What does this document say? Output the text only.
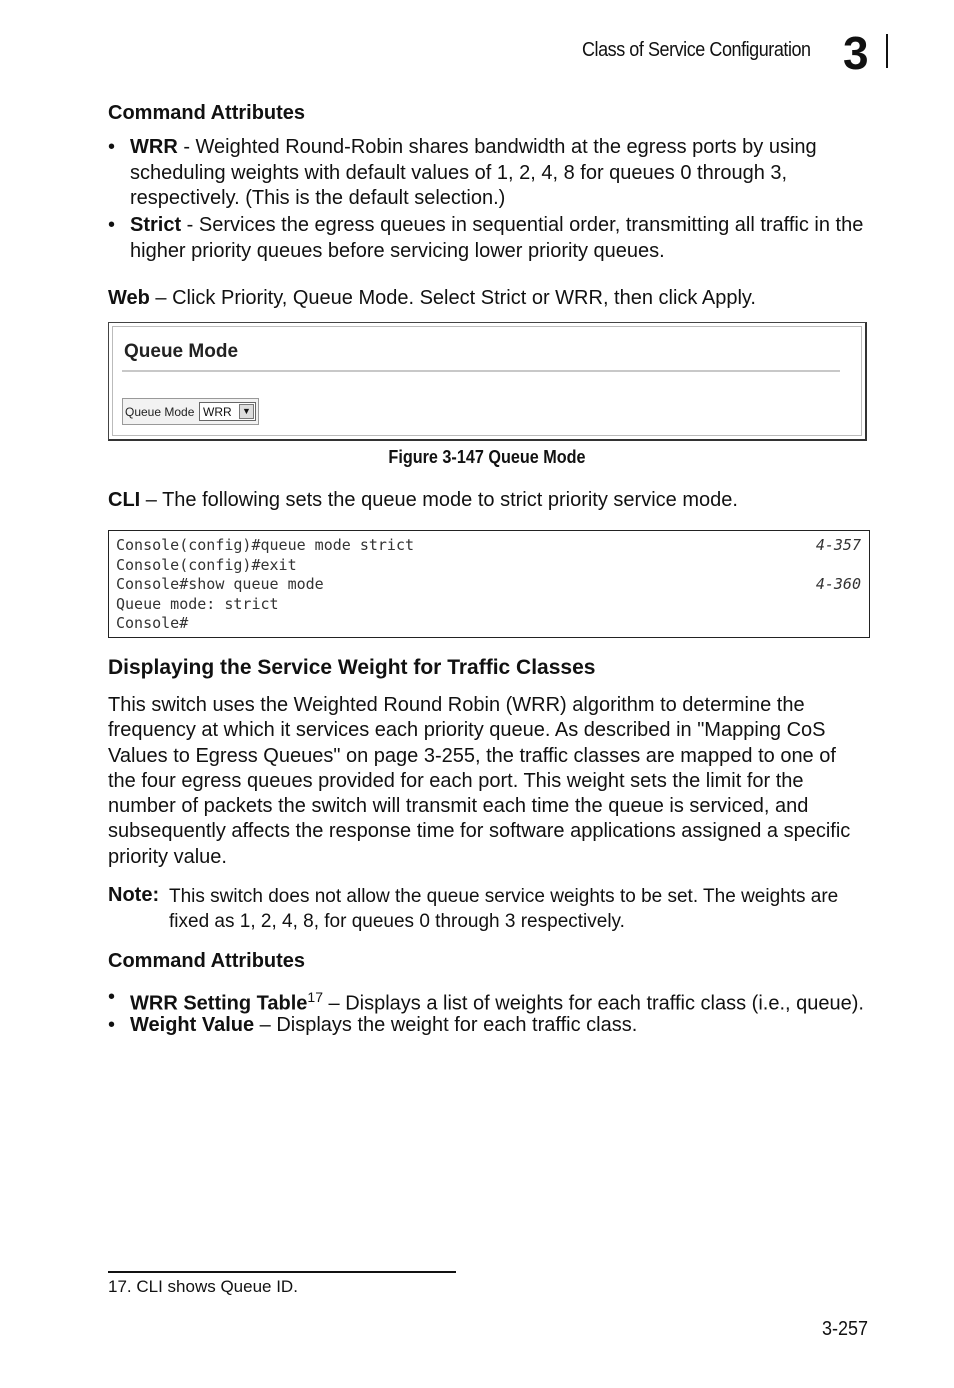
Class of Service Configuration 3
Command Attributes
• WRR - Weighted Round-Robin shares bandwidth at the egress ports by using scheduling weights with default values of 1, 2, 4, 8 for queues 0 through 3, respectively. (This is the default selection.)
• Strict - Services the egress queues in sequential order, transmitting all traffic in the higher priority queues before servicing lower priority queues.
Web – Click Priority, Queue Mode. Select Strict or WRR, then click Apply.
Queue Mode
Queue Mode WRR	▼
Figure 3-147 Queue Mode
CLI – The following sets the queue mode to strict priority service mode.
Console(config)#queue mode strict	4-357
Console(config)#exit
Console#show queue mode	4-360
Queue mode: strict
Console#
Displaying the Service Weight for Traffic Classes
This switch uses the Weighted Round Robin (WRR) algorithm to determine the frequency at which it services each priority queue. As described in "Mapping CoS Values to Egress Queues" on page 3-255, the traffic classes are mapped to one of the four egress queues provided for each port. This weight sets the limit for the number of packets the switch will transmit each time the queue is serviced, and subsequently affects the response time for software applications assigned a specific priority value.
Note: This switch does not allow the queue service weights to be set. The weights are fixed as 1, 2, 4, 8, for queues 0 through 3 respectively.
Command Attributes
• WRR Setting Table$^{17}$ – Displays a list of weights for each traffic class (i.e., queue).
• Weight Value – Displays the weight for each traffic class.
17. CLI shows Queue ID.
3-257
